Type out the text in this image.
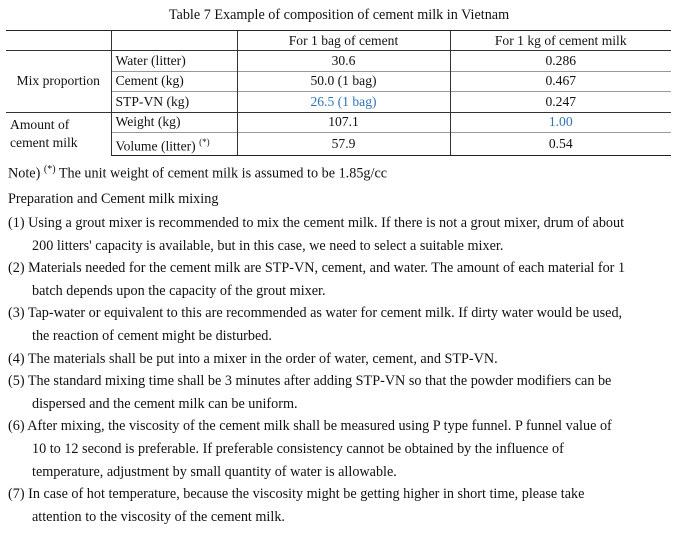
Table 7 Example of composition of cement milk in Vietnam
		For 1 bag of cement	For 1 kg of cement milk
Mix proportion	Water (litter)	30.6	0.286
	Cement (kg)	50.0 (1 bag)	0.467
	STP-VN (kg)	26.5 (1 bag)	0.247
Amount of
cement milk	Weight (kg)	107.1	1.00
	Volume (litter) (*)	57.9	0.54
Note) (*) The unit weight of cement milk is assumed to be 1.85g/cc
Preparation and Cement milk mixing
(1) Using a grout mixer is recommended to mix the cement milk. If there is not a grout mixer, drum of about
200 litters' capacity is available, but in this case, we need to select a suitable mixer.
(2) Materials needed for the cement milk are STP-VN, cement, and water. The amount of each material for 1
batch depends upon the capacity of the grout mixer.
(3) Tap-water or equivalent to this are recommended as water for cement milk. If dirty water would be used,
the reaction of cement might be disturbed.
(4) The materials shall be put into a mixer in the order of water, cement, and STP-VN.
(5) The standard mixing time shall be 3 minutes after adding STP-VN so that the powder modifiers can be
dispersed and the cement milk can be uniform.
(6) After mixing, the viscosity of the cement milk shall be measured using P type funnel. P funnel value of
10 to 12 second is preferable. If preferable consistency cannot be obtained by the influence of
temperature, adjustment by small quantity of water is allowable.
(7) In case of hot temperature, because the viscosity might be getting higher in short time, please take
attention to the viscosity of the cement milk.
